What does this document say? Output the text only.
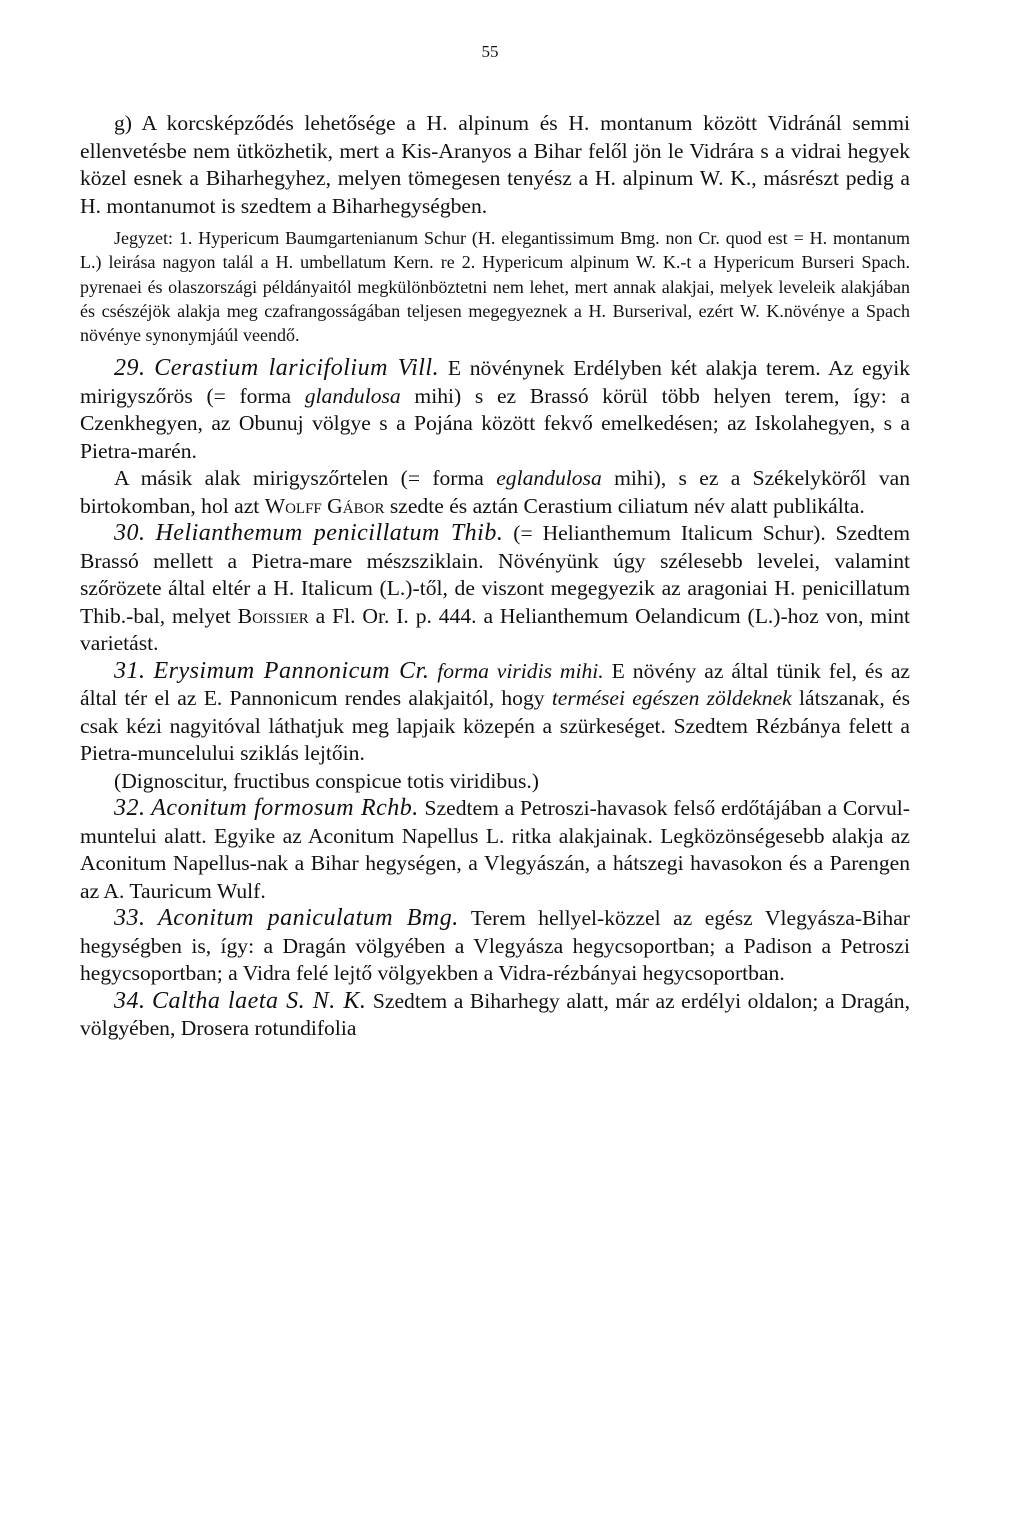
55

g) A korcsképződés lehetősége a H. alpinum és H. montanum között Vidránál semmi ellenvetésbe nem ütközhetik, mert a Kis-Aranyos a Bihar felől jön le Vidrára s a vidrai hegyek közel esnek a Biharhegyhez, melyen tömegesen tenyész a H. alpinum W. K., másrészt pedig a H. montanumot is szedtem a Biharhegységben.

Jegyzet: 1. Hypericum Baumgartenianum Schur (H. elegantissimum Bmg. non Cr. quod est = H. montanum L.) leirása nagyon talál a H. umbellatum Kern. re 2. Hypericum alpinum W. K.-t a Hypericum Burseri Spach. pyrenaei és olaszországi példányaitól megkülönböztetni nem lehet, mert annak alakjai, melyek leveleik alakjában és csészéjök alakja meg czafrangosságában teljesen megegyeznek a H. Burserival, ezért W. K.növénye a Spach növénye synonymjáúl veendő.

29. Cerastium laricifolium Vill. E növénynek Erdélyben két alakja terem. Az egyik mirigyszőrös (= forma glandulosa mihi) s ez Brassó körül több helyen terem, így: a Czenkhegyen, az Obunuj völgye s a Pojána között fekvő emelkedésen; az Iskolahegyen, s a Pietra-marén.

A másik alak mirigyszőrtelen (= forma eglandulosa mihi), s ez a Székelyköről van birtokomban, hol azt Wolff Gábor szedte és aztán Cerastium ciliatum név alatt publikálta.

30. Helianthemum penicillatum Thib. (= Helianthemum Italicum Schur). Szedtem Brassó mellett a Pietra-mare mészsziklain. Növényünk úgy szélesebb levelei, valamint szőrözete által eltér a H. Italicum (L.)-től, de viszont megegyezik az aragoniai H. penicillatum Thib.-bal, melyet Boissier a Fl. Or. I. p. 444. a Helianthemum Oelandicum (L.)-hoz von, mint varietást.

31. Erysimum Pannonicum Cr. forma viridis mihi. E növény az által tünik fel, és az által tér el az E. Pannonicum rendes alakjaitól, hogy termései egészen zöldeknek látszanak, és csak kézi nagyitóval láthatjuk meg lapjaik közepén a szürkeséget. Szedtem Rézbánya felett a Pietra-muncelului sziklás lejtőin.

(Dignoscitur, fructibus conspicue totis viridibus.)

32. Aconitum formosum Rchb. Szedtem a Petroszi-havasok felső erdőtájában a Corvul-muntelui alatt. Egyike az Aconitum Napellus L. ritka alakjainak. Legközönségesebb alakja az Aconitum Napellus-nak a Bihar hegységen, a Vlegyászán, a hátszegi havasokon és a Parengen az A. Tauricum Wulf.

33. Aconitum paniculatum Bmg. Terem hellyel-közzel az egész Vlegyásza-Bihar hegységben is, így: a Dragán völgyében a Vlegyásza hegycsoportban; a Padison a Petroszi hegycsoportban; a Vidra felé lejtő völgyekben a Vidra-rézbányai hegycsoportban.

34. Caltha laeta S. N. K. Szedtem a Biharhegy alatt, már az erdélyi oldalon; a Dragán, völgyében, Drosera rotundifolia
